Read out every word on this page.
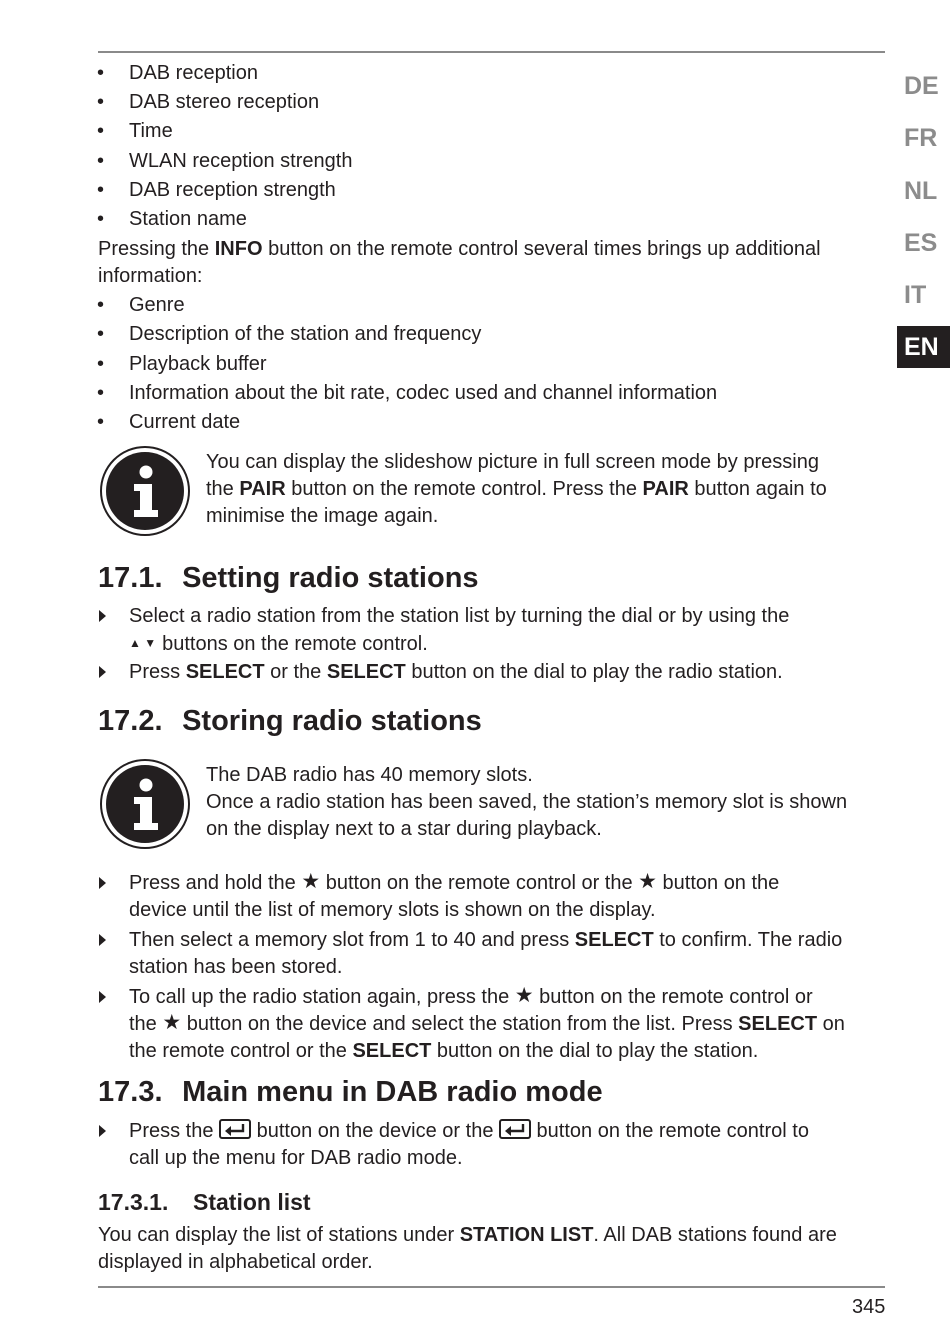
DE
FR
NL
ES
IT
EN
• DAB reception
• DAB stereo reception
• Time
• WLAN reception strength
• DAB reception strength
• Station name
Pressing the INFO button on the remote control several times brings up additional
information:
• Genre
• Description of the station and frequency
• Playback buffer
• Information about the bit rate, codec used and channel information
• Current date
You can display the slideshow picture in full screen mode by pressing
the PAIR button on the remote control. Press the PAIR button again to
minimise the image again.
17.1. Setting radio stations
Select a radio station from the station list by turning the dial or by using the
▲ ▼ buttons on the remote control.
Press SELECT or the SELECT button on the dial to play the radio station.
17.2. Storing radio stations
The DAB radio has 40 memory slots.
Once a radio station has been saved, the station’s memory slot is shown
on the display next to a star during playback.
Press and hold the ★ button on the remote control or the ★ button on the
device until the list of memory slots is shown on the display.
Then select a memory slot from 1 to 40 and press SELECT to confirm. The radio
station has been stored.
To call up the radio station again, press the ★ button on the remote control or
the ★ button on the device and select the station from the list. Press SELECT on
the remote control or the SELECT button on the dial to play the station.
17.3. Main menu in DAB radio mode
Press the  button on the device or the  button on the remote control to
call up the menu for DAB radio mode.
17.3.1. Station list
You can display the list of stations under STATION LIST. All DAB stations found are
displayed in alphabetical order.
345
